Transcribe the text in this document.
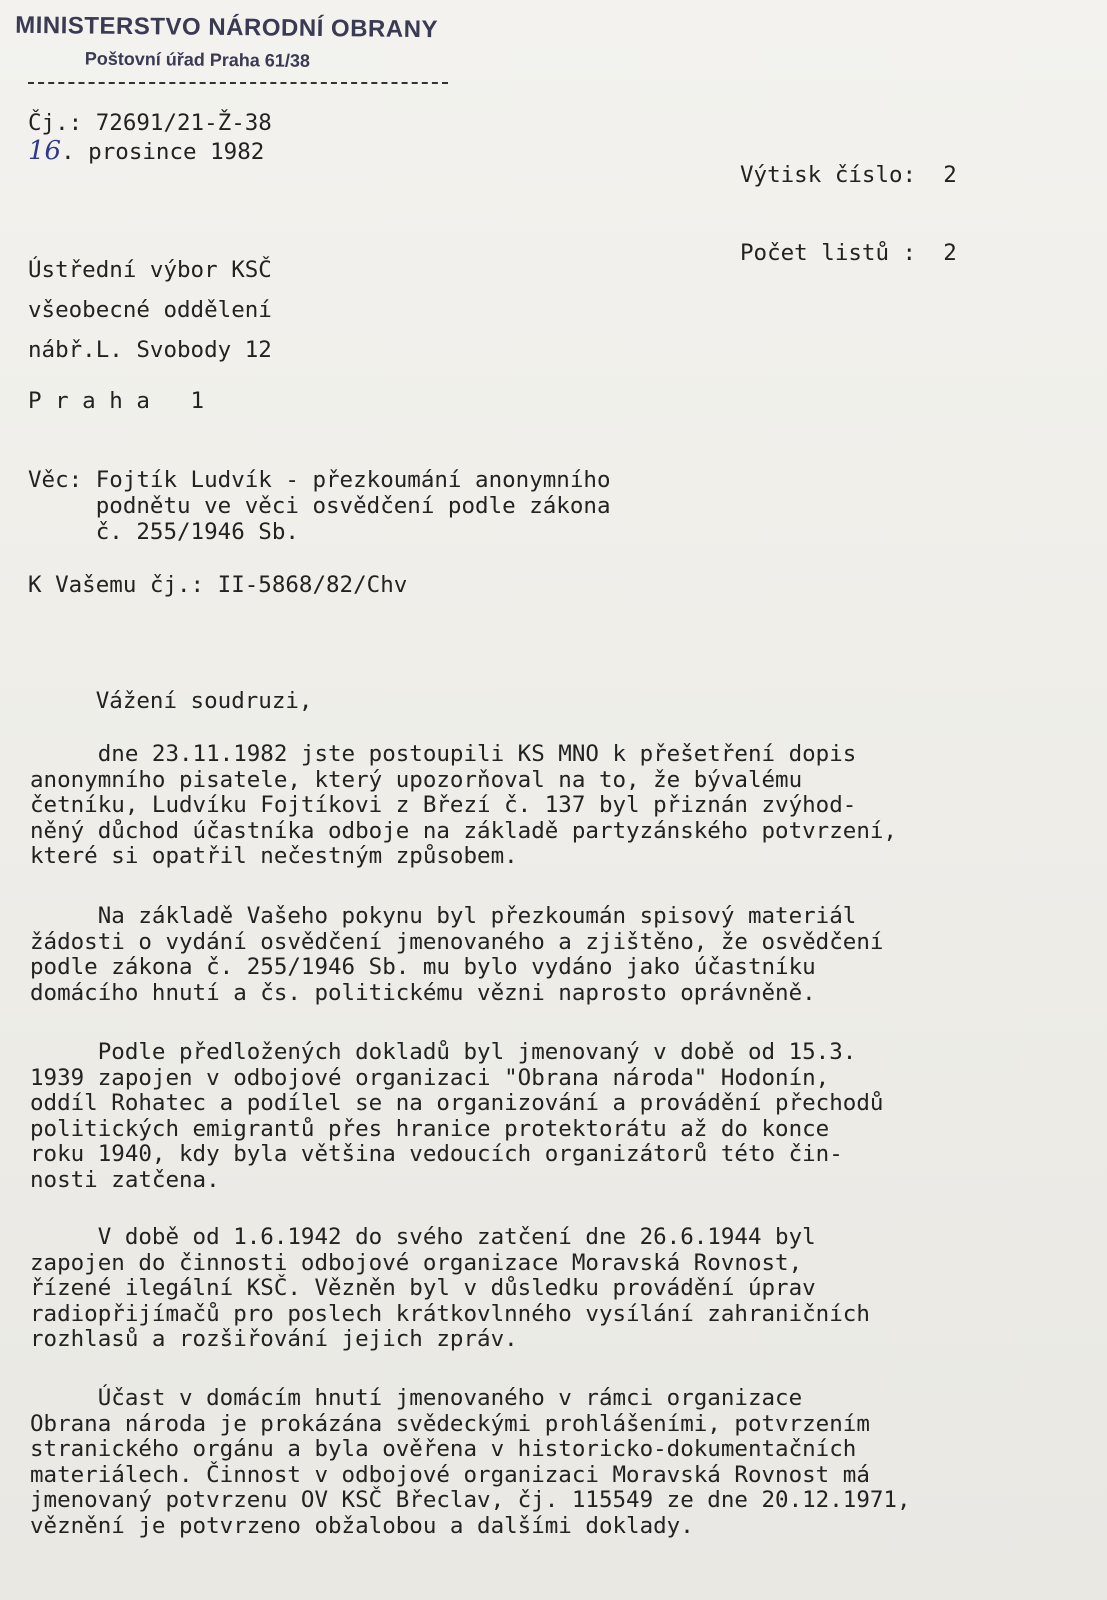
MINISTERSTVO NÁRODNÍ OBRANY
Poštovní úřad Praha 61/38
Čj.: 72691/21-Ž-38
16. prosince 1982

Výtisk číslo:  2

Počet listů :  2

Ústřední výbor KSČ
všeobecné oddělení
nábř.L. Svobody 12
P r a h a   1
Věc: Fojtík Ludvík - přezkoumání anonymního
podnětu ve věci osvědčení podle zákona
č. 255/1946 Sb.
K Vašemu čj.: II-5868/82/Chv
Vážení soudruzi,
dne 23.11.1982 jste postoupili KS MNO k přešetření dopis
anonymního pisatele, který upozorňoval na to, že bývalému
četníku, Ludvíku Fojtíkovi z Březí č. 137 byl přiznán zvýhod-
něný důchod účastníka odboje na základě partyzánského potvrzení,
které si opatřil nečestným způsobem.
Na základě Vašeho pokynu byl přezkoumán spisový materiál
žádosti o vydání osvědčení jmenovaného a zjištěno, že osvědčení
podle zákona č. 255/1946 Sb. mu bylo vydáno jako účastníku
domácího hnutí a čs. politickému vězni naprosto oprávněně.
Podle předložených dokladů byl jmenovaný v době od 15.3.
1939 zapojen v odbojové organizaci "Obrana národa" Hodonín,
oddíl Rohatec a podílel se na organizování a provádění přechodů
politických emigrantů přes hranice protektorátu až do konce
roku 1940, kdy byla většina vedoucích organizátorů této čin-
nosti zatčena.
V době od 1.6.1942 do svého zatčení dne 26.6.1944 byl
zapojen do činnosti odbojové organizace Moravská Rovnost,
řízené ilegální KSČ. Vězněn byl v důsledku provádění úprav
radiopřijímačů pro poslech krátkovlnného vysílání zahraničních
rozhlasů a rozšiřování jejich zpráv.
Účast v domácím hnutí jmenovaného v rámci organizace
Obrana národa je prokázána svědeckými prohlášeními, potvrzením
stranického orgánu a byla ověřena v historicko-dokumentačních
materiálech. Činnost v odbojové organizaci Moravská Rovnost má
jmenovaný potvrzenu OV KSČ Břeclav, čj. 115549 ze dne 20.12.1971,
věznění je potvrzeno obžalobou a dalšími doklady.
